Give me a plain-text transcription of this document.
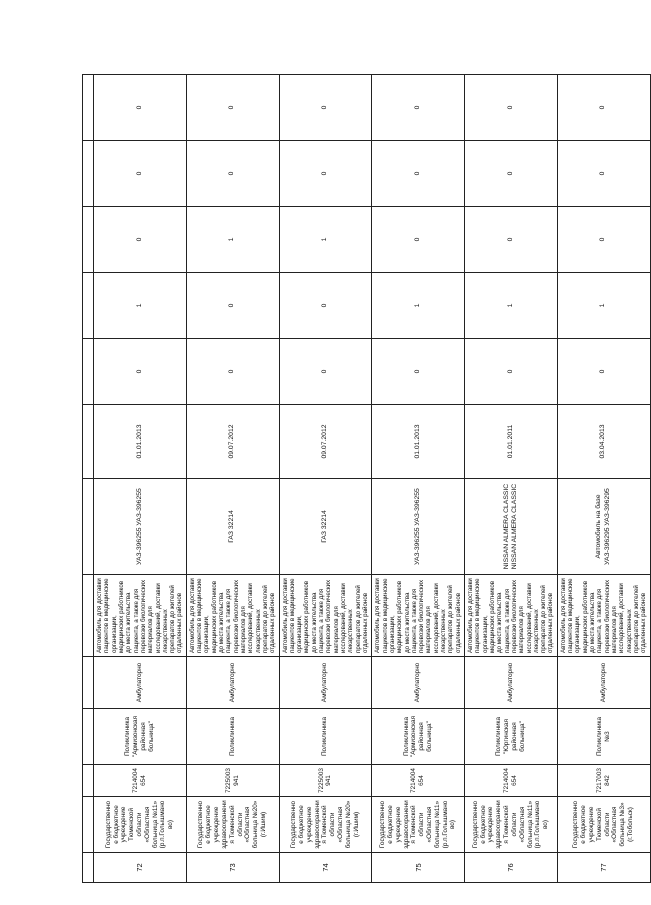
72	Государственное бюджетное учреждение Тюменской области «Областная больница №11» (р.п.Голышманово)	7214004654	Поликлиника "Армизонская районная больница"	Амбулаторно	Автомобиль для доставки пациентов в медицинские организации, медицинских работников до места жительства пациента, а также для перевозки биологических материалов для исследований, доставки лекарственных препаратов до жителей отдаленных районов	УАЗ-396255 УАЗ-396255	01.01.2013	0	1	0	0	0
73	Государственное бюджетное учреждение здравоохранения Тюменской области «Областная больница №20» (г.Ишим)	7225003941	Поликлиника	Амбулаторно	Автомобиль для доставки пациентов в медицинские организации, медицинских работников до места жительства пациента, а также для перевозки биологических материалов для исследований, доставки лекарственных препаратов до жителей отдаленных районов	ГАЗ 32214	09.07.2012	0	0	1	0	0
74	Государственное бюджетное учреждение здравоохранения Тюменской области «Областная больница №20» (г.Ишим)	7225003941	Поликлиника	Амбулаторно	Автомобиль для доставки пациентов в медицинские организации, медицинских работников до места жительства пациента, а также для перевозки биологических материалов для исследований, доставки лекарственных препаратов до жителей отдаленных районов	ГАЗ 32214	09.07.2012	0	0	1	0	0
75	Государственное бюджетное учреждение здравоохранения Тюменской области «Областная больница №11» (р.п.Голышманово)	7214004654	Поликлиника "Армизонская районная больница"	Амбулаторно	Автомобиль для доставки пациентов в медицинские организации, медицинских работников до места жительства пациента, а также для перевозки биологических материалов для исследований, доставки лекарственных препаратов до жителей отдаленных районов	УАЗ-396255 УАЗ-396255	01.01.2013	0	1	0	0	0
76	Государственное бюджетное учреждение здравоохранения Тюменской области «Областная больница №11» (р.п.Голышманово)	7214004654	Поликлиника "Юргинская районная больница"	Амбулаторно	Автомобиль для доставки пациентов в медицинские организации, медицинских работников до места жительства пациента, а также для перевозки биологических материалов для исследований, доставки лекарственных препаратов до жителей отдаленных районов	NISSAN ALMERA CLASSIC NISSAN ALMERA CLASSIC	01.01.2011	0	1	0	0	0
77	Государственное бюджетное учреждение Тюменской области «Областная больница №3» (г.Тобольск)	7217003842	Поликлиника №3	Амбулаторно	Автомобиль для доставки пациентов в медицинские организации, медицинских работников до места жительства пациента, а также для перевозки биологических материалов для исследований, доставки лекарственных препаратов до жителей отдаленных районов	Автомобиль на базе УАЗ-396295 УАЗ-396295	03.04.2013	0	1	0	0	0
